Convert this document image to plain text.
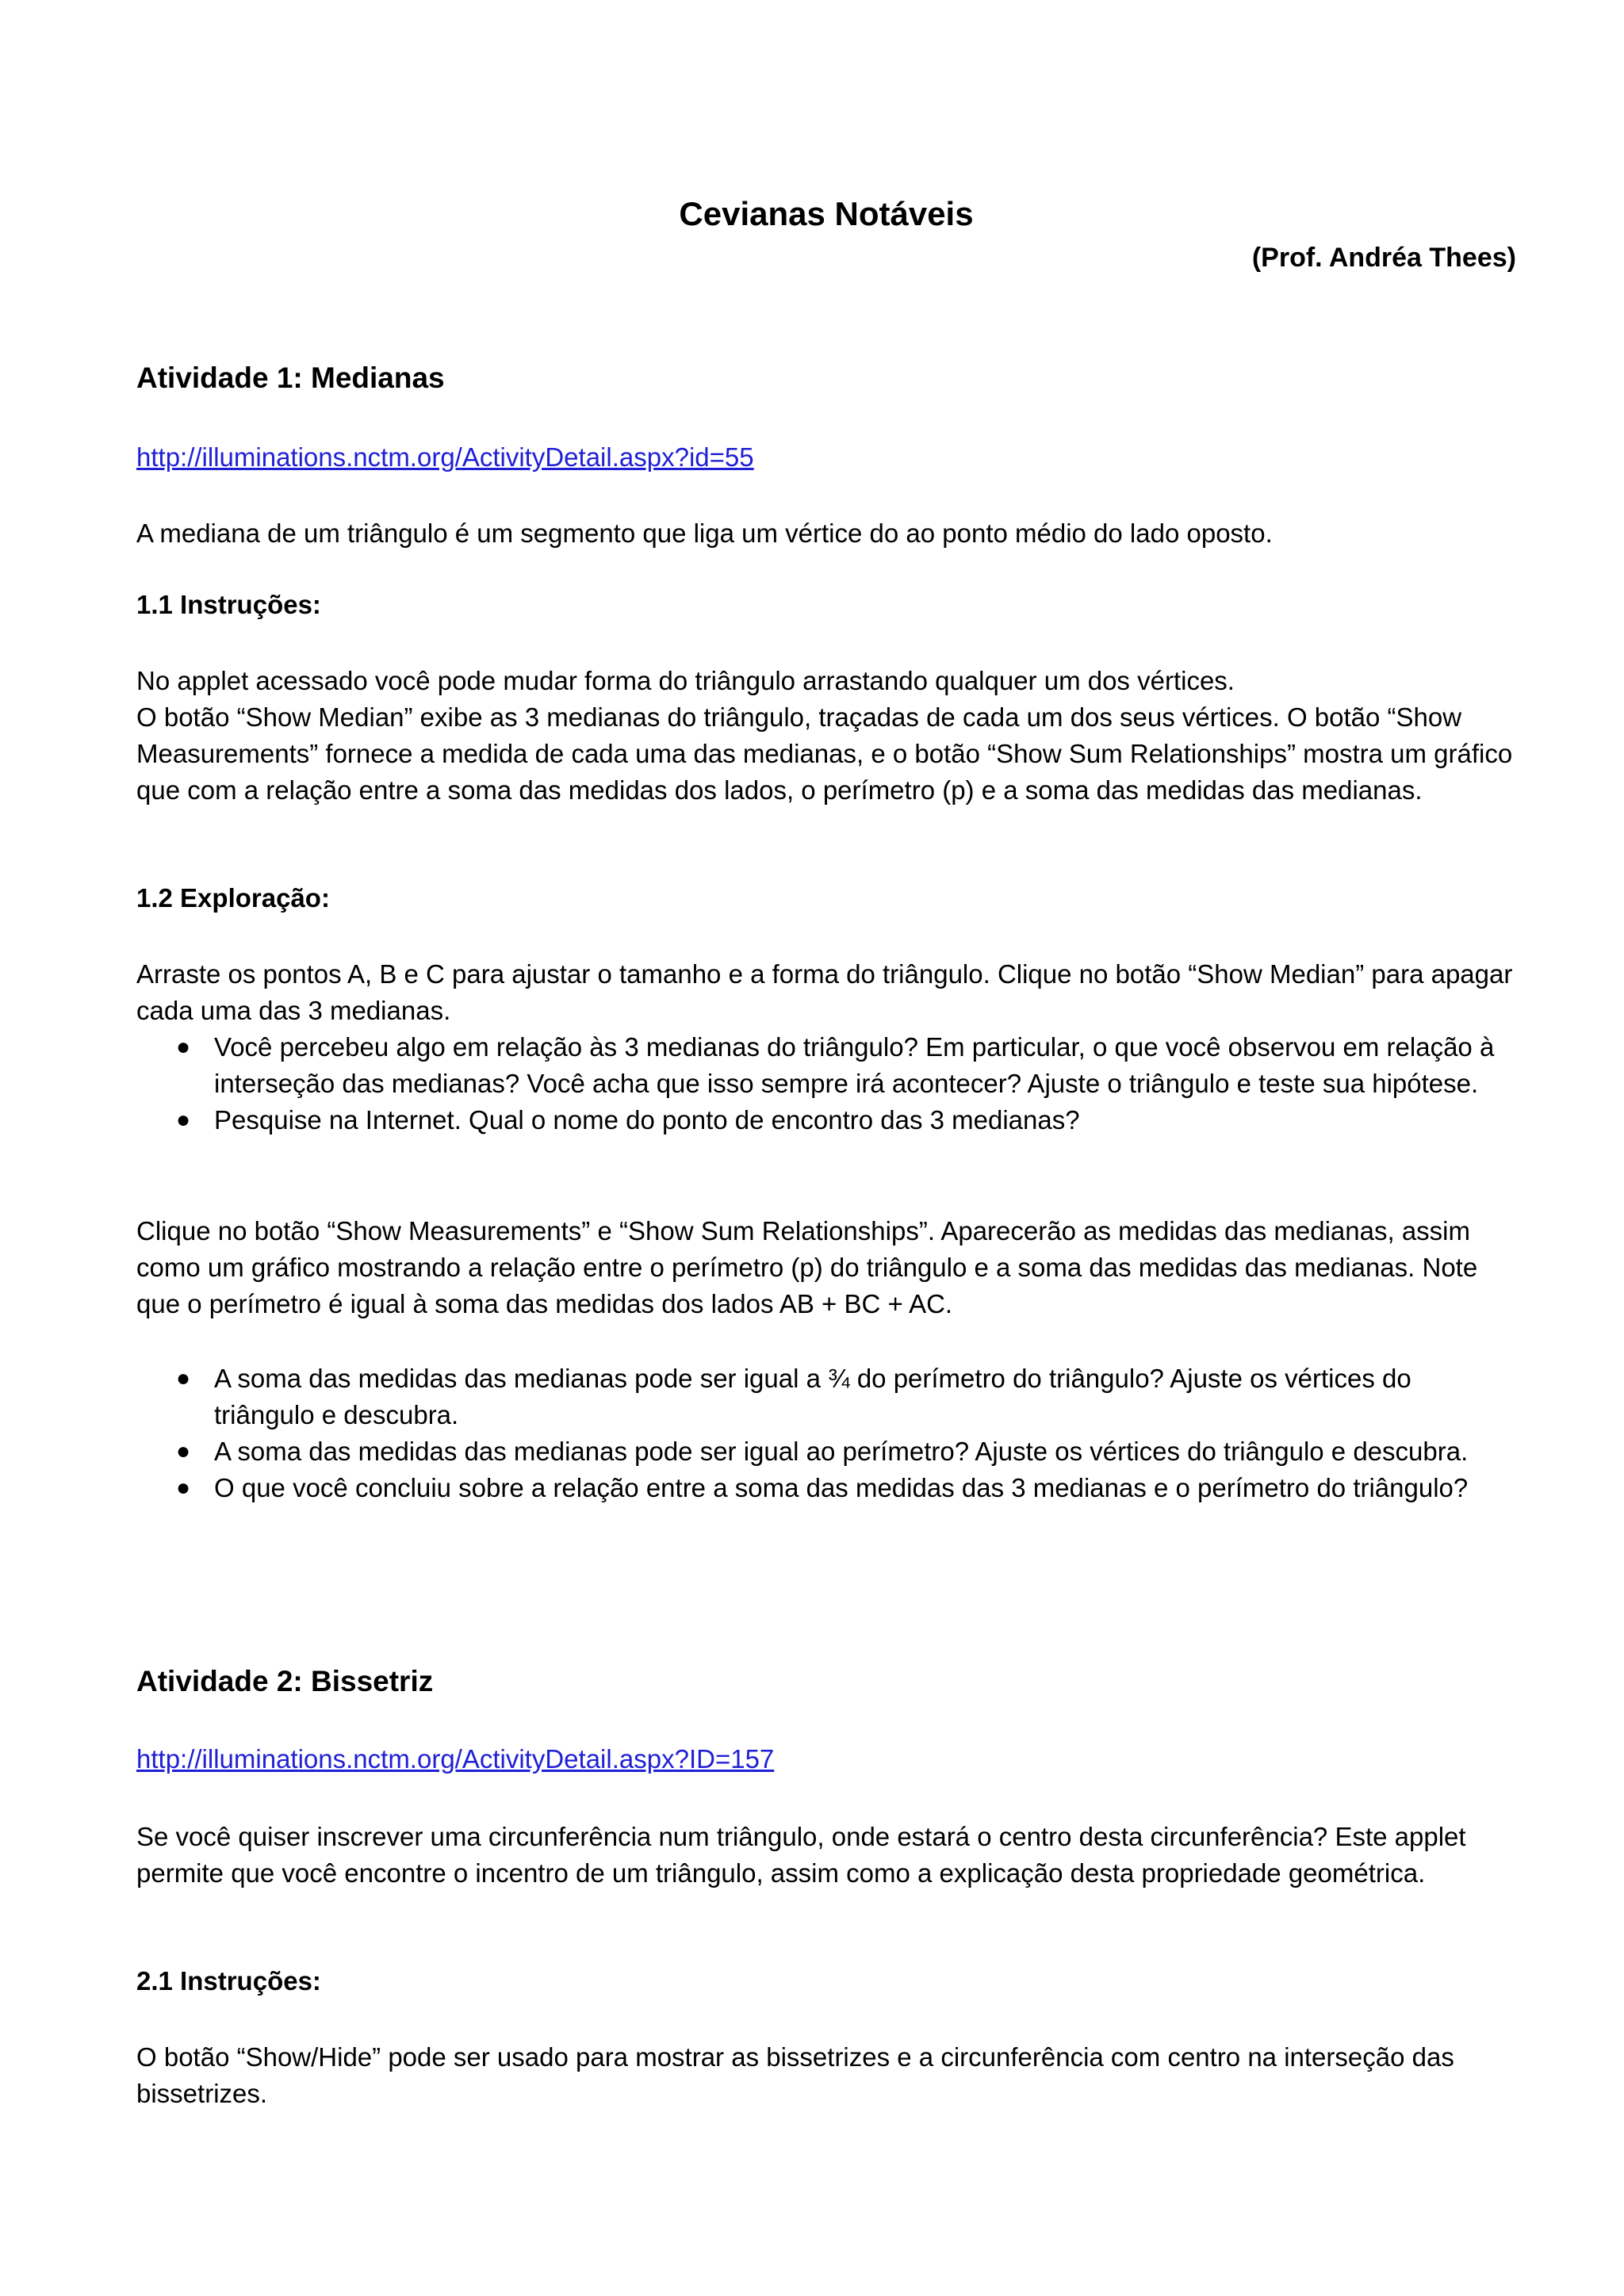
Cevianas Notáveis

(Prof. Andréa Thees)

Atividade 1: Medianas
http://illuminations.nctm.org/ActivityDetail.aspx?id=55

A mediana de um triângulo é um segmento que liga um vértice do ao ponto médio do lado oposto.

1.1 Instruções:

No applet acessado você pode mudar forma do triângulo arrastando qualquer um dos vértices.

O botão “Show Median” exibe as 3 medianas do triângulo, traçadas de cada um dos seus vértices. O botão “Show Measurements” fornece a medida de cada uma das medianas, e o botão “Show Sum Relationships” mostra um gráfico que com a relação entre a soma das medidas dos lados, o perímetro (p) e a soma das medidas das medianas.

1.2 Exploração:

Arraste os pontos A, B e C para ajustar o tamanho e a forma do triângulo. Clique no botão “Show Median” para apagar cada uma das 3 medianas.

● Você percebeu algo em relação às 3 medianas do triângulo? Em particular, o que você observou em relação à interseção das medianas? Você acha que isso sempre irá acontecer? Ajuste o triângulo e teste sua hipótese.
● Pesquise na Internet. Qual o nome do ponto de encontro das 3 medianas?

Clique no botão “Show Measurements” e “Show Sum Relationships”. Aparecerão as medidas das medianas, assim como um gráfico mostrando a relação entre o perímetro (p) do triângulo e a soma das medidas das medianas. Note que o perímetro é igual à soma das medidas dos lados AB + BC + AC.

● A soma das medidas das medianas pode ser igual a ¾ do perímetro do triângulo? Ajuste os vértices do triângulo e descubra.
● A soma das medidas das medianas pode ser igual ao perímetro? Ajuste os vértices do triângulo e descubra.
● O que você concluiu sobre a relação entre a soma das medidas das 3 medianas e o perímetro do triângulo?
Atividade 2: Bissetriz
http://illuminations.nctm.org/ActivityDetail.aspx?ID=157

Se você quiser inscrever uma circunferência num triângulo, onde estará o centro desta circunferência? Este applet permite que você encontre o incentro de um triângulo, assim como a explicação desta propriedade geométrica.

2.1 Instruções:

O botão “Show/Hide” pode ser usado para mostrar as bissetrizes e a circunferência com centro na interseção das bissetrizes.
